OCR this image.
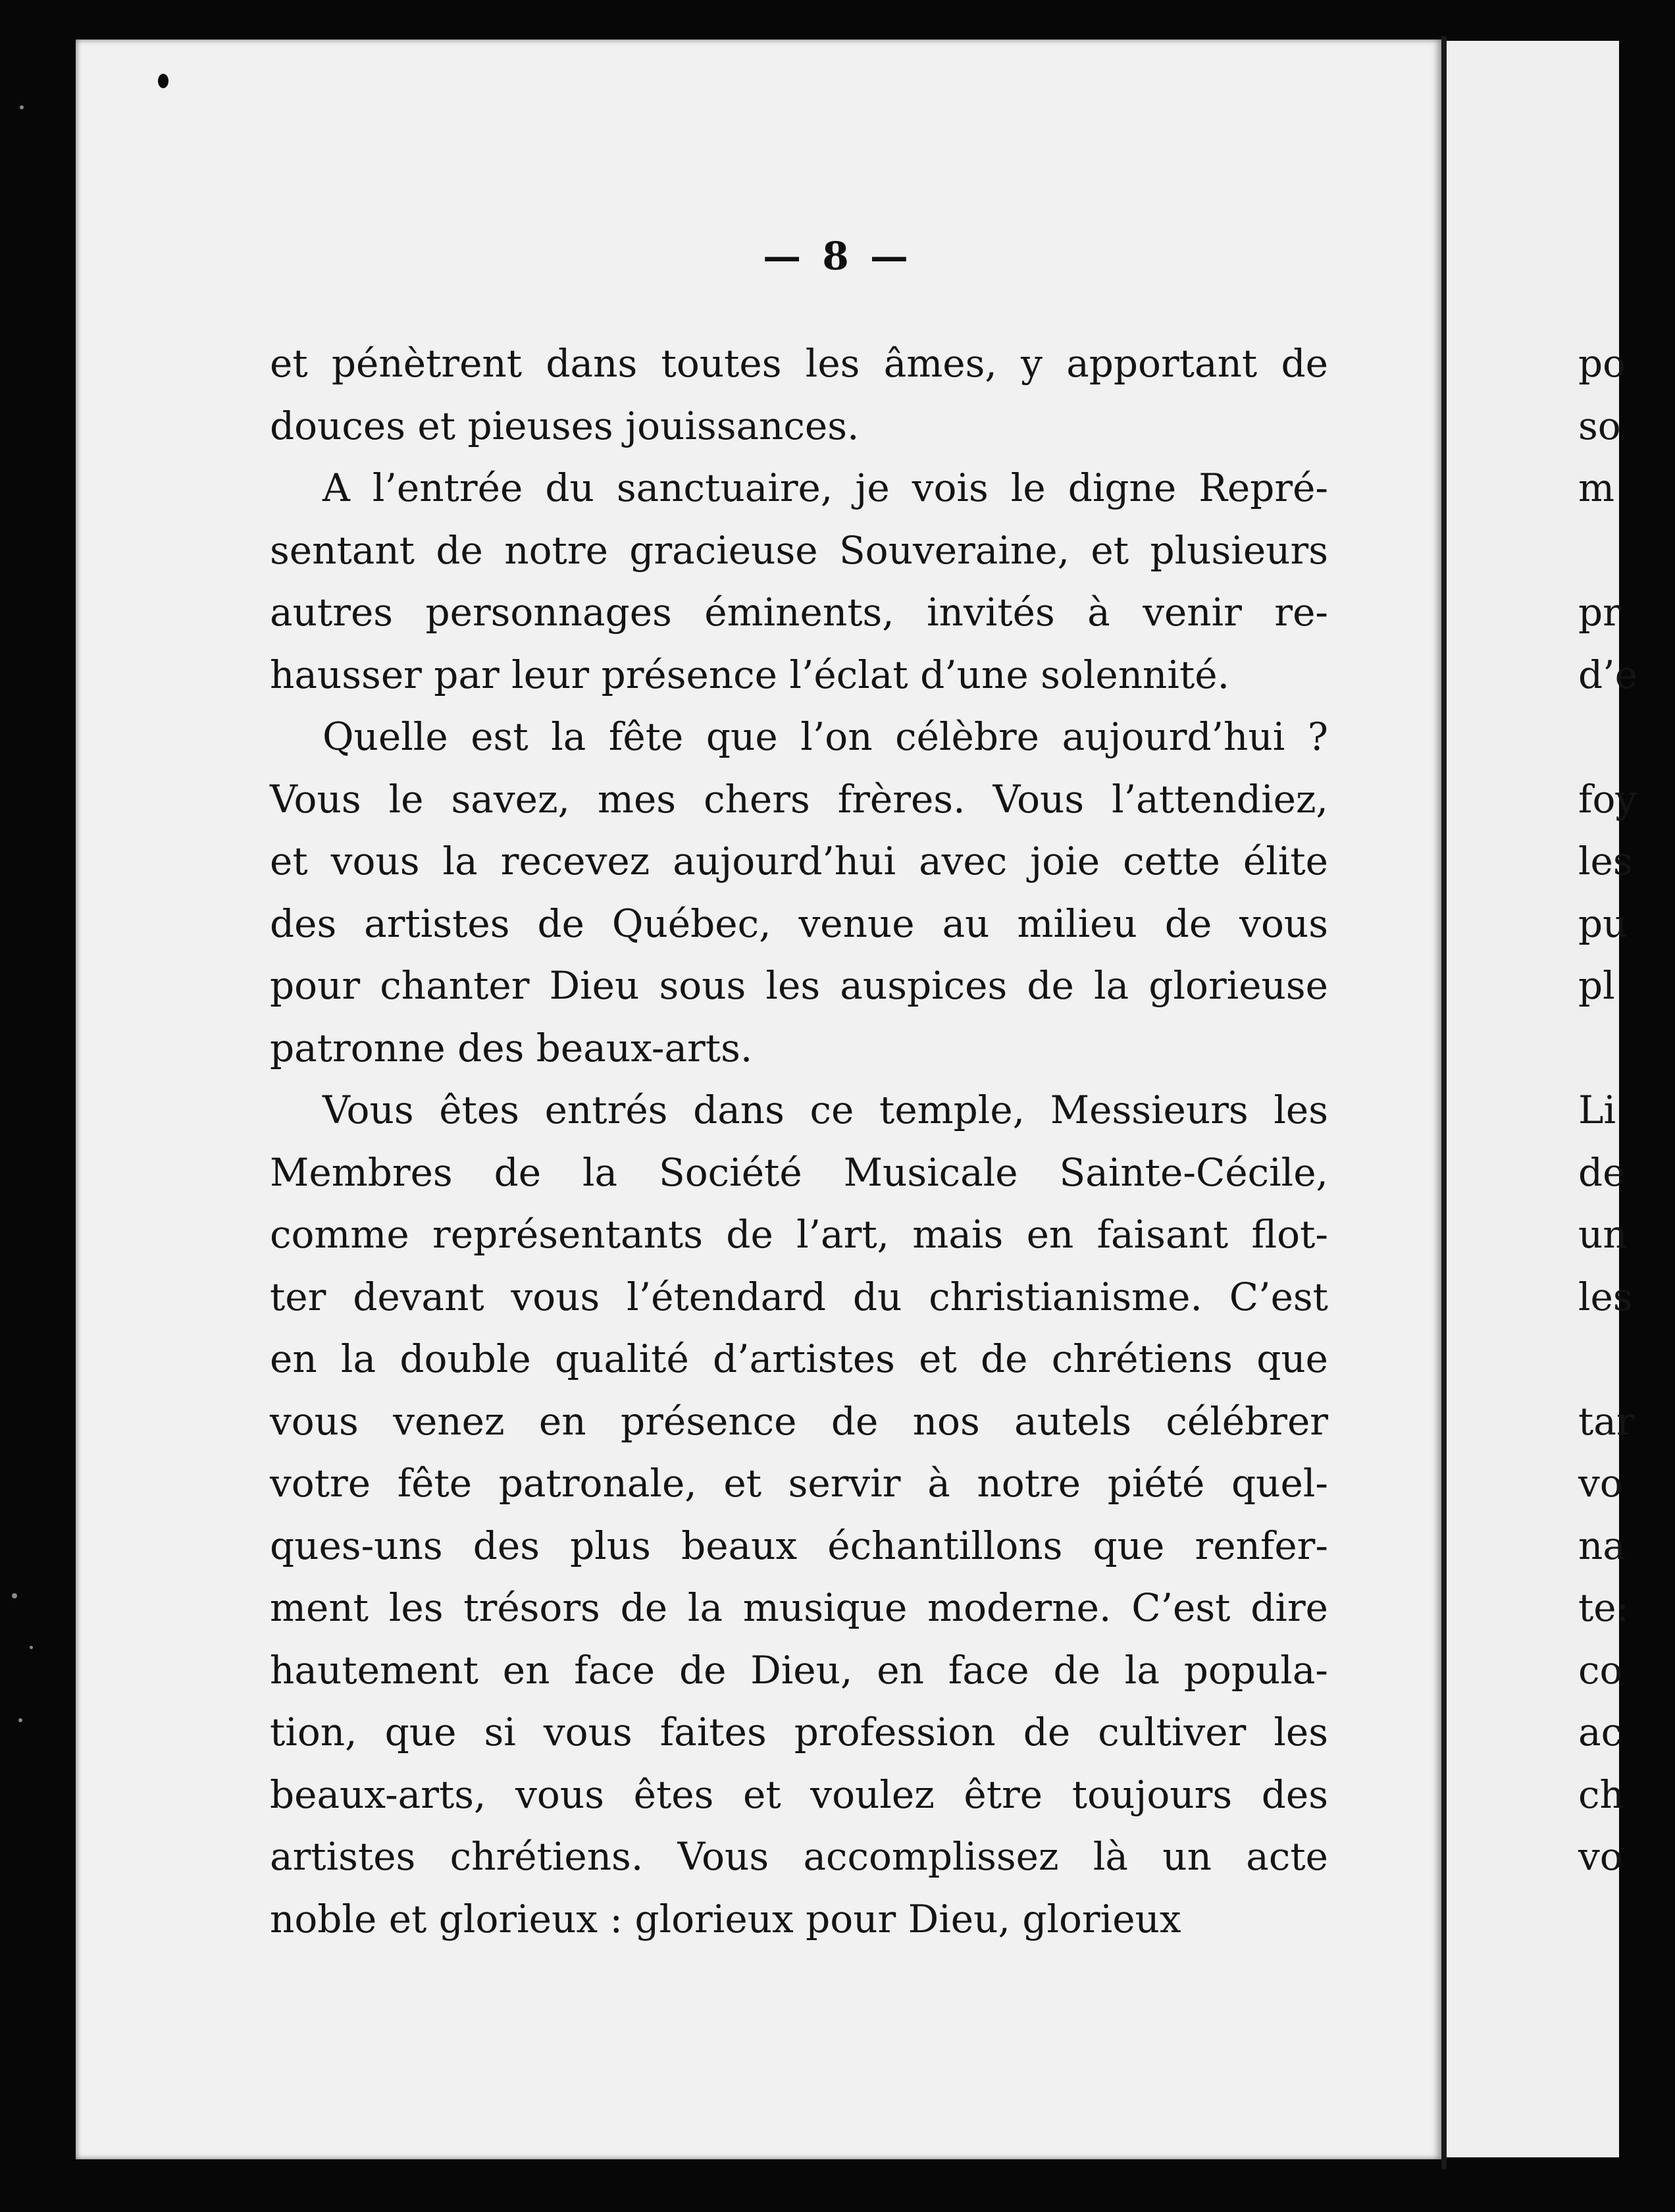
— 8 —
et pénètrent dans toutes les âmes, y apportant de
douces et pieuses jouissances.
A l’entrée du sanctuaire, je vois le digne Repré-
sentant de notre gracieuse Souveraine, et plusieurs
autres personnages éminents, invités à venir re-
hausser par leur présence l’éclat d’une solennité.
Quelle est la fête que l’on célèbre aujourd’hui ?
Vous le savez, mes chers frères. Vous l’attendiez,
et vous la recevez aujourd’hui avec joie cette élite
des artistes de Québec, venue au milieu de vous
pour chanter Dieu sous les auspices de la glorieuse
patronne des beaux-arts.
Vous êtes entrés dans ce temple, Messieurs les
Membres de la Société Musicale Sainte-Cécile,
comme représentants de l’art, mais en faisant flot-
ter devant vous l’étendard du christianisme. C’est
en la double qualité d’artistes et de chrétiens que
vous venez en présence de nos autels célébrer
votre fête patronale, et servir à notre piété quel-
ques-uns des plus beaux échantillons que renfer-
ment les trésors de la musique moderne. C’est dire
hautement en face de Dieu, en face de la popula-
tion, que si vous faites profession de cultiver les
beaux-arts, vous êtes et voulez être toujours des
artistes chrétiens. Vous accomplissez là un acte
noble et glorieux : glorieux pour Dieu, glorieux
po
so
m
pr
d’e
foy
les
pu
pl
Li
de
un
les
tar
vo
na
te:
co
ac
ch
vo
